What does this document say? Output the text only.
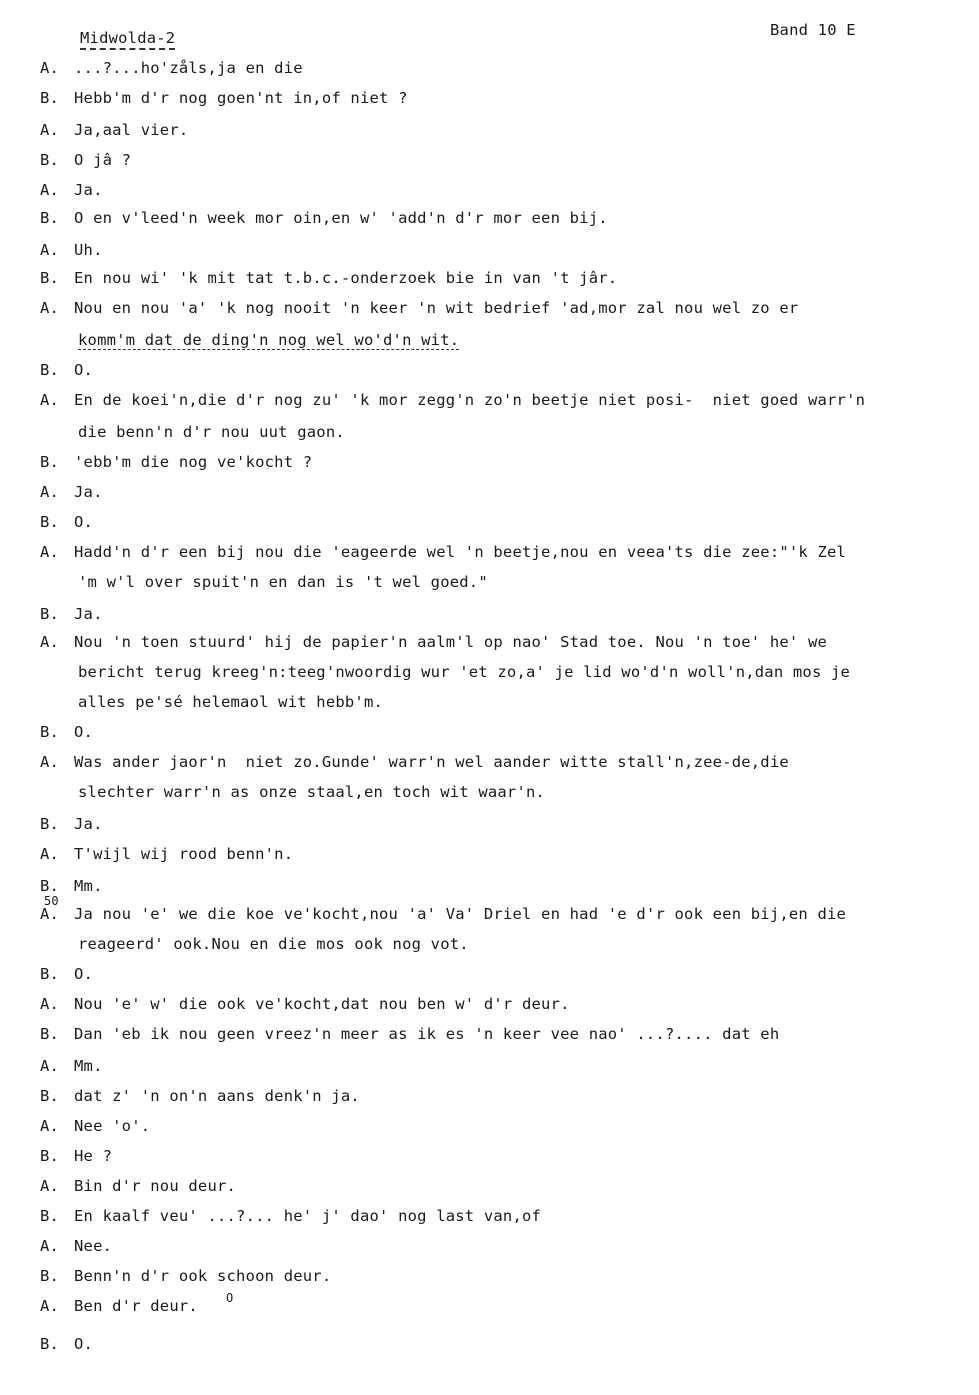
Midwolda-2	Band 10 E
A. ...?...ho'zåls,ja en die
B. Hebb'm d'r nog goen'nt in,of niet ?
A. Ja,aal vier.
B. O jâ ?
A. Ja.
B. O en v'leed'n week mor oin,en w' 'add'n d'r mor een bij.
A. Uh.
B. En nou wi' 'k mit tat t.b.c.-onderzoek bie in van 't jâr.
A. Nou en nou 'a' 'k nog nooit 'n keer 'n wit bedrief 'ad,mor zal nou wel zo er
komm'm dat de ding'n nog wel wo'd'n wit.
B. O.
A. En de koei'n,die d'r nog zu' 'k mor zegg'n zo'n beetje niet posi-  niet goed warr'n
die benn'n d'r nou uut gaon.
B. 'ebb'm die nog ve'kocht ?
A. Ja.
B. O.
A. Hadd'n d'r een bij nou die 'eageerde wel 'n beetje,nou en veea'ts die zee:"'k Zel
'm w'l over spuit'n en dan is 't wel goed."
B. Ja.
A. Nou 'n toen stuurd' hij de papier'n aalm'l op nao' Stad toe. Nou 'n toe' he' we
bericht terug kreeg'n:teeg'nwoordig wur 'et zo,a' je lid wo'd'n woll'n,dan mos je
alles pe'sé helemaol wit hebb'm.
B. O.
A. Was ander jaor'n  niet zo.Gunde' warr'n wel aander witte stall'n,zee-de,die
slechter warr'n as onze staal,en toch wit waar'n.
B. Ja.
A. T'wijl wij rood benn'n.
B. Mm.
A. Ja nou 'e' we die koe ve'kocht,nou 'a' Va' Driel en had 'e d'r ook een bij,en die
reageerd' ook.Nou en die mos ook nog vot.
B. O.
A. Nou 'e' w' die ook ve'kocht,dat nou ben w' d'r deur.
B. Dan 'eb ik nou geen vreez'n meer as ik es 'n keer vee nao' ...?.... dat eh
A. Mm.
B. dat z' 'n on'n aans denk'n ja.
A. Nee 'o'.
B. He ?
A. Bin d'r nou deur.
B. En kaalf veu' ...?... he' j' dao' nog last van,of
A. Nee.
B. Benn'n d'r ook schoon deur.
A. Ben d'r deur.
B. O.
50
O
